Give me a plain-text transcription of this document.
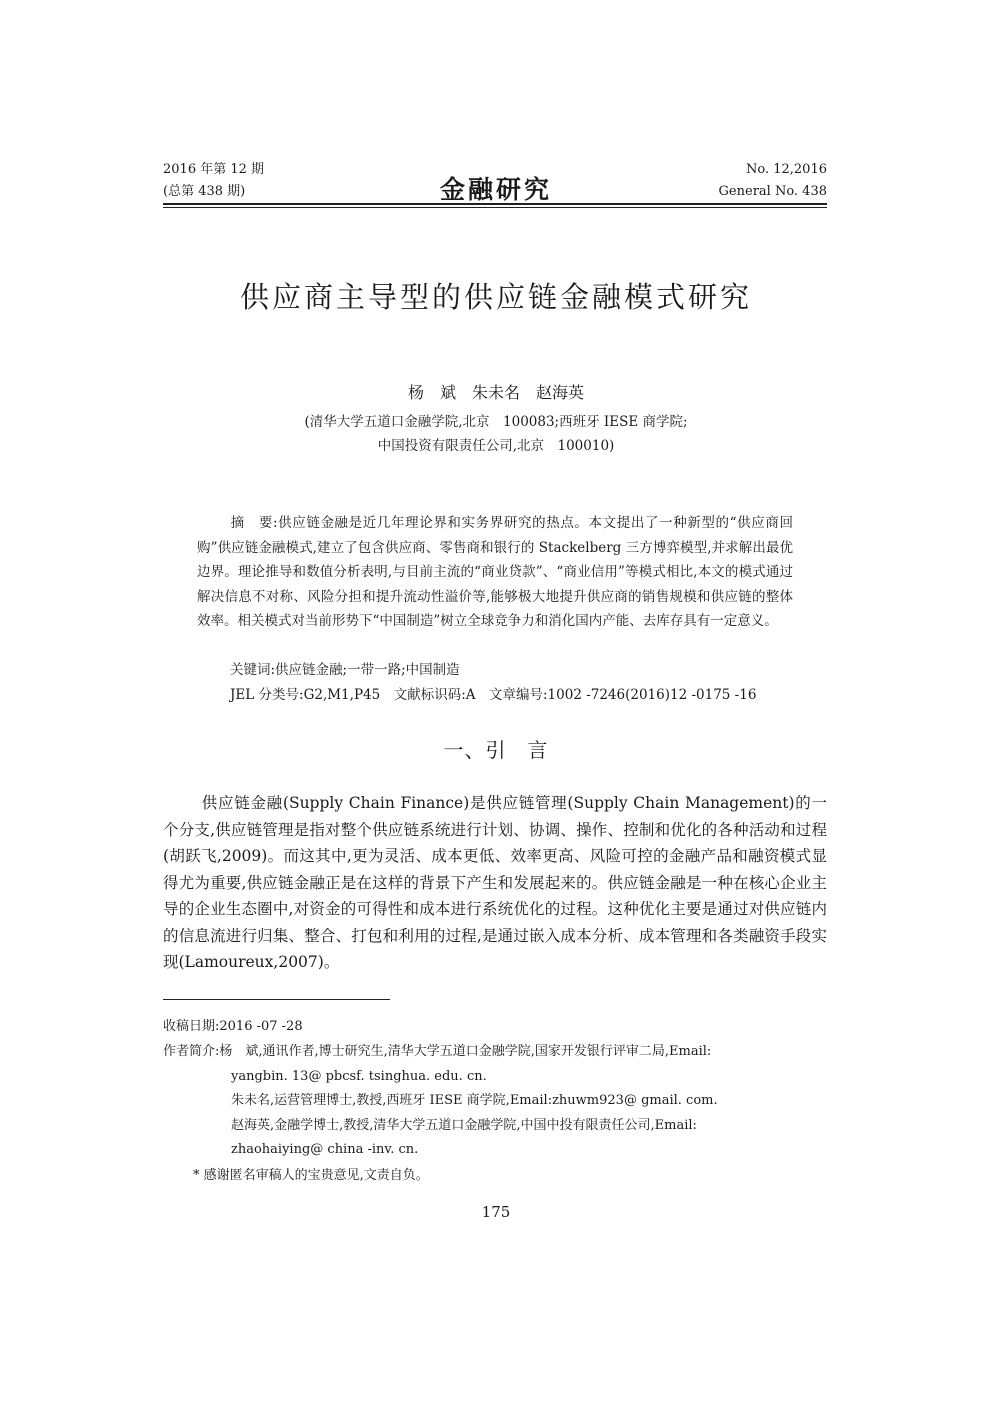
2016 年第 12 期
(总第 438 期)	金融研究
No. 12,2016
General No. 438
供应商主导型的供应链金融模式研究
杨　斌　朱未名　赵海英
(清华大学五道口金融学院,北京　100083;西班牙 IESE 商学院;
中国投资有限责任公司,北京　100010)
摘　要:供应链金融是近几年理论界和实务界研究的热点。本文提出了一种新型的“供应商回购”供应链金融模式,建立了包含供应商、零售商和银行的 Stackelberg 三方博弈模型,并求解出最优边界。理论推导和数值分析表明,与目前主流的“商业贷款”、“商业信用”等模式相比,本文的模式通过解决信息不对称、风险分担和提升流动性溢价等,能够极大地提升供应商的销售规模和供应链的整体效率。相关模式对当前形势下“中国制造”树立全球竞争力和消化国内产能、去库存具有一定意义。
关键词:供应链金融;一带一路;中国制造
JEL 分类号:G2,M1,P45　文献标识码:A　文章编号:1002 -7246(2016)12 -0175 -16
一、引　言
供应链金融(Supply Chain Finance)是供应链管理(Supply Chain Management)的一个分支,供应链管理是指对整个供应链系统进行计划、协调、操作、控制和优化的各种活动和过程(胡跃飞,2009)。而这其中,更为灵活、成本更低、效率更高、风险可控的金融产品和融资模式显得尤为重要,供应链金融正是在这样的背景下产生和发展起来的。供应链金融是一种在核心企业主导的企业生态圈中,对资金的可得性和成本进行系统优化的过程。这种优化主要是通过对供应链内的信息流进行归集、整合、打包和利用的过程,是通过嵌入成本分析、成本管理和各类融资手段实现(Lamoureux,2007)。
收稿日期:2016 -07 -28
作者简介:杨　斌,通讯作者,博士研究生,清华大学五道口金融学院,国家开发银行评审二局,Email:
yangbin. 13@ pbcsf. tsinghua. edu. cn.
朱未名,运营管理博士,教授,西班牙 IESE 商学院,Email:zhuwm923@ gmail. com.
赵海英,金融学博士,教授,清华大学五道口金融学院,中国中投有限责任公司,Email:
zhaohaiying@ china -inv. cn.
* 感谢匿名审稿人的宝贵意见,文责自负。
175
